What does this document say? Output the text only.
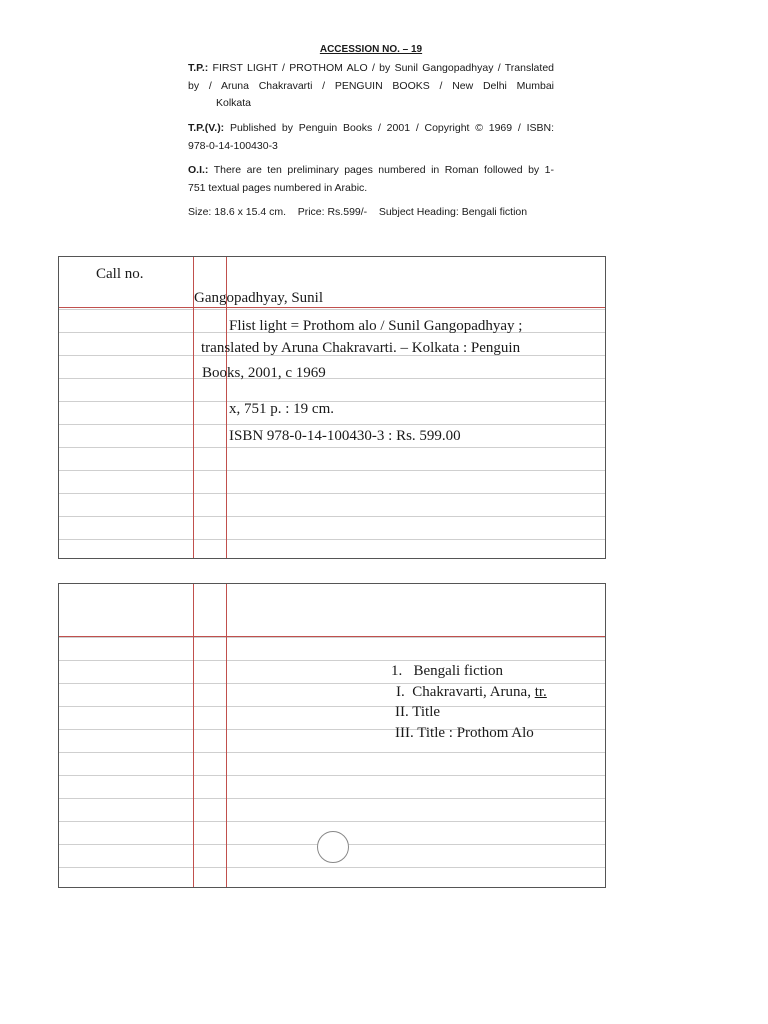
ACCESSION NO. – 19
T.P.: FIRST LIGHT / PROTHOM ALO / by Sunil Gangopadhyay / Translated
by / Aruna Chakravarti / PENGUIN BOOKS / New Delhi Mumbai
Kolkata
T.P.(V.): Published by Penguin Books / 2001 / Copyright © 1969 / ISBN:
978-0-14-100430-3
O.I.: There are ten preliminary pages numbered in Roman followed by 1-
751 textual pages numbered in Arabic.
Size: 18.6 x 15.4 cm.    Price: Rs.599/-    Subject Heading: Bengali fiction
Call no.
Gangopadhyay, Sunil
Flist light = Prothom alo / Sunil Gangopadhyay ;
translated by Aruna Chakravarti. – Kolkata : Penguin
Books, 2001, c 1969
x, 751 p. : 19 cm.
ISBN 978-0-14-100430-3 : Rs. 599.00
1. Bengali fiction
I. Chakravarti, Aruna, tr.
II. Title
III. Title : Prothom Alo
